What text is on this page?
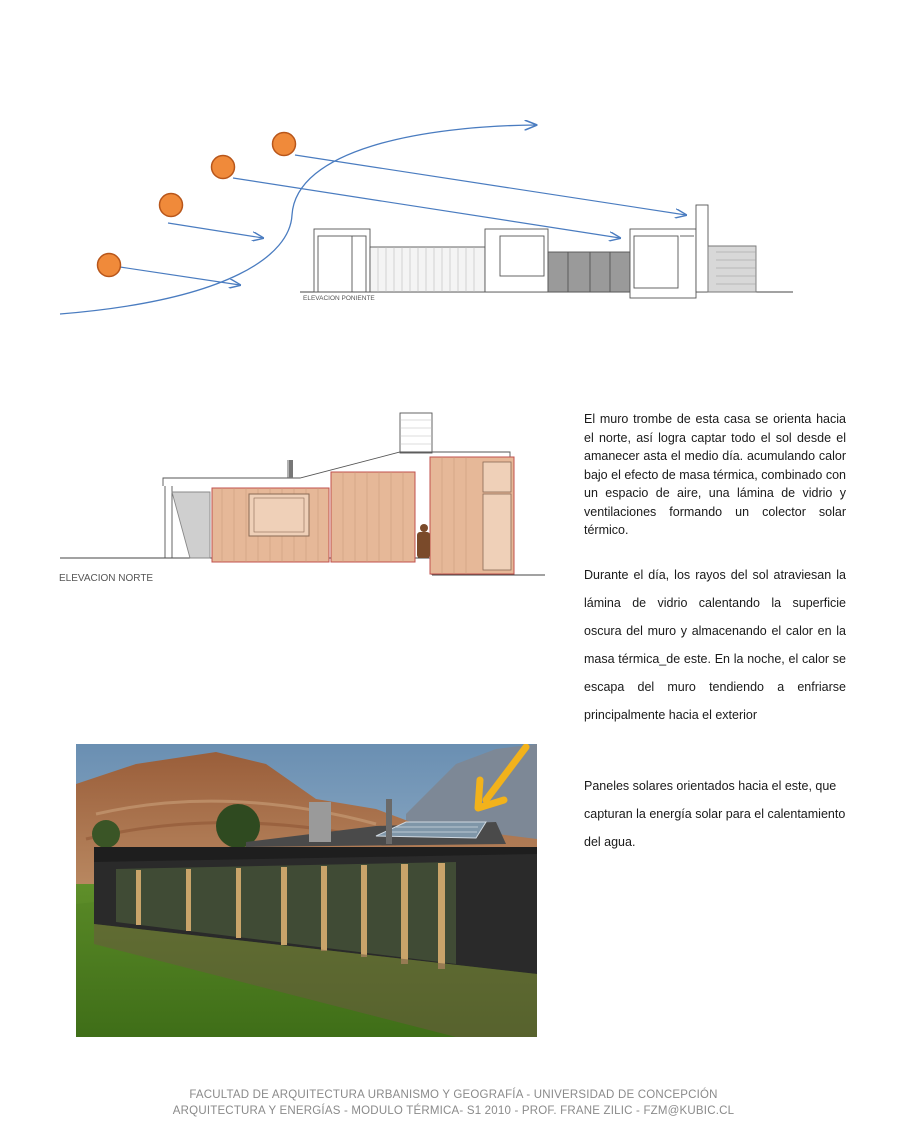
ELEVACION PONIENTE
ELEVACION NORTE

El muro trombe de esta casa se orienta hacia el norte, así logra captar todo el sol desde el amanecer asta el medio día. acumulando calor bajo el efecto de masa térmica, combinado con un espacio de aire, una lámina de vidrio y ventilaciones formando un colector solar térmico.

Durante el día, los rayos del sol atraviesan la lámina de vidrio calentando la superficie oscura del muro y almacenando el calor en la masa térmica_de este. En la noche, el calor se escapa del muro tendiendo a enfriarse principalmente hacia el exterior

Paneles solares orientados hacia el este, que capturan la energía solar para el calentamiento del agua.

FACULTAD DE ARQUITECTURA URBANISMO Y GEOGRAFÍA - UNIVERSIDAD DE CONCEPCIÓN
ARQUITECTURA Y ENERGÍAS - MODULO TÉRMICA- S1 2010 - PROF. FRANE ZILIC - FZM@KUBIC.CL
